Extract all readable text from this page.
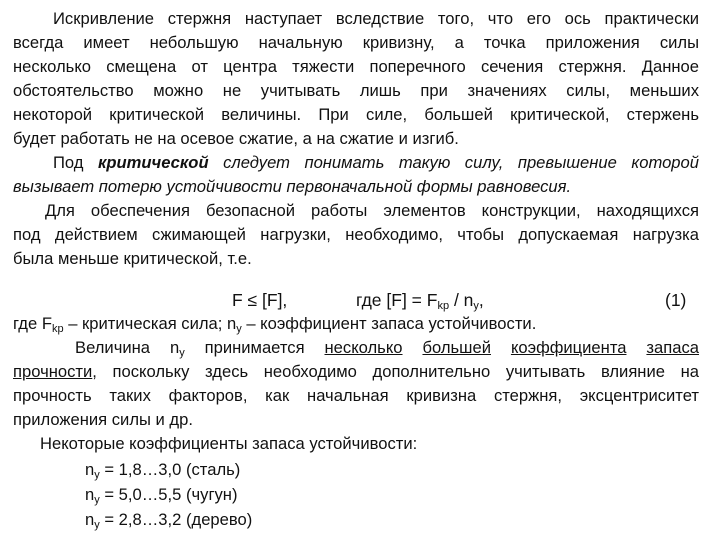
Искривление стержня наступает вследствие того, что его ось практически
всегда имеет небольшую начальную кривизну, а точка приложения силы
несколько смещена от центра тяжести поперечного сечения стержня. Данное
обстоятельство можно не учитывать лишь при значениях силы, меньших
некоторой критической величины. При силе, большей критической, стержень
будет работать не на осевое сжатие, а на сжатие и изгиб.
Под критической следует понимать такую силу, превышение которой
вызывает потерю устойчивости первоначальной формы равновесия.
Для обеспечения безопасной работы элементов конструкции, находящихся
под действием сжимающей нагрузки, необходимо, чтобы допускаемая нагрузка
была меньше критической, т.е.
F ≤ [F],	где $[F] = F_{kp} / n_y$,	(1)
где $F_{kp}$ – критическая сила; $n_y$ – коэффициент запаса устойчивости.
Величина $n_y$ принимается несколько большей коэффициента запаса
прочности, поскольку здесь необходимо дополнительно учитывать влияние на
прочность таких факторов, как начальная кривизна стержня, эксцентриситет
приложения силы и др.
Некоторые коэффициенты запаса устойчивости:
$n_y$ = 1,8…3,0 (сталь)
$n_y$ = 5,0…5,5 (чугун)
$n_y$ = 2,8…3,2 (дерево)
